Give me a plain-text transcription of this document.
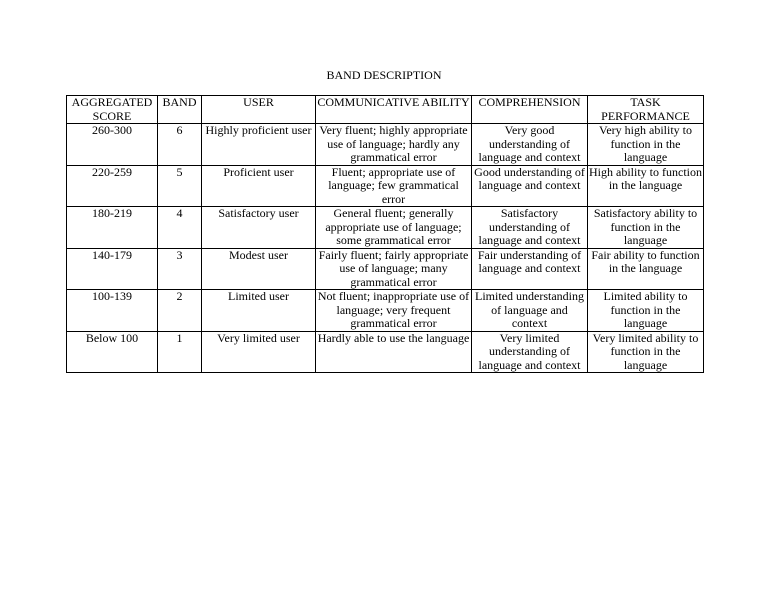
BAND DESCRIPTION
AGGREGATED SCORE	BAND	USER	COMMUNICATIVE ABILITY	COMPREHENSION	TASK PERFORMANCE
260-300	6	Highly proficient user	Very fluent; highly appropriate use of language; hardly any grammatical error	Very good understanding of language and context	Very high ability to function in the language
220-259	5	Proficient user	Fluent; appropriate use of language; few grammatical error	Good understanding of language and context	High ability to function in the language
180-219	4	Satisfactory user	General fluent; generally appropriate use of language; some grammatical error	Satisfactory understanding of language and context	Satisfactory ability to function in the language
140-179	3	Modest user	Fairly fluent; fairly appropriate use of language; many grammatical error	Fair understanding of language and context	Fair ability to function in the language
100-139	2	Limited user	Not fluent; inappropriate use of language; very frequent grammatical error	Limited understanding of language and context	Limited ability to function in the language
Below 100	1	Very limited user	Hardly able to use the language	Very limited understanding of language and context	Very limited ability to function in the language
